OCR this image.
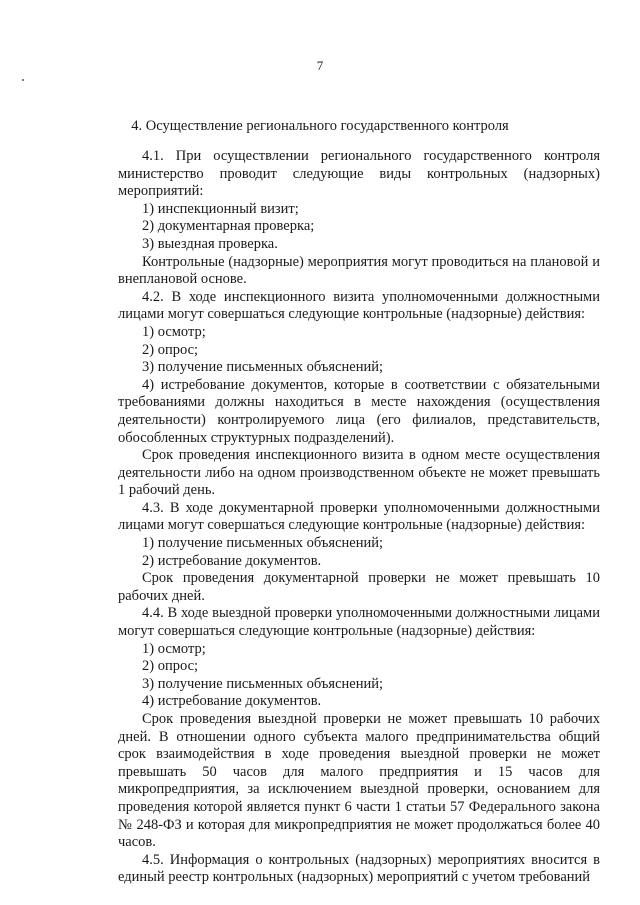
7
4. Осуществление регионального государственного контроля

4.1. При осуществлении регионального государственного контроля министерство проводит следующие виды контрольных (надзорных) мероприятий:

1) инспекционный визит;

2) документарная проверка;

3) выездная проверка.

Контрольные (надзорные) мероприятия могут проводиться на плановой и внеплановой основе.

4.2. В ходе инспекционного визита уполномоченными должностными лицами могут совершаться следующие контрольные (надзорные) действия:

1) осмотр;

2) опрос;

3) получение письменных объяснений;

4) истребование документов, которые в соответствии с обязательными требованиями должны находиться в месте нахождения (осуществления деятельности) контролируемого лица (его филиалов, представительств, обособленных структурных подразделений).

Срок проведения инспекционного визита в одном месте осуществления деятельности либо на одном производственном объекте не может превышать 1 рабочий день.

4.3. В ходе документарной проверки уполномоченными должностными лицами могут совершаться следующие контрольные (надзорные) действия:

1) получение письменных объяснений;

2) истребование документов.

Срок проведения документарной проверки не может превышать 10 рабочих дней.

4.4. В ходе выездной проверки уполномоченными должностными лицами могут совершаться следующие контрольные (надзорные) действия:

1) осмотр;

2) опрос;

3) получение письменных объяснений;

4) истребование документов.

Срок проведения выездной проверки не может превышать 10 рабочих дней. В отношении одного субъекта малого предпринимательства общий срок взаимодействия в ходе проведения выездной проверки не может превышать 50 часов для малого предприятия и 15 часов для микропредприятия, за исключением выездной проверки, основанием для проведения которой является пункт 6 части 1 статьи 57 Федерального закона № 248-ФЗ и которая для микропредприятия не может продолжаться более 40 часов.

4.5. Информация о контрольных (надзорных) мероприятиях вносится в единый реестр контрольных (надзорных) мероприятий с учетом требований
